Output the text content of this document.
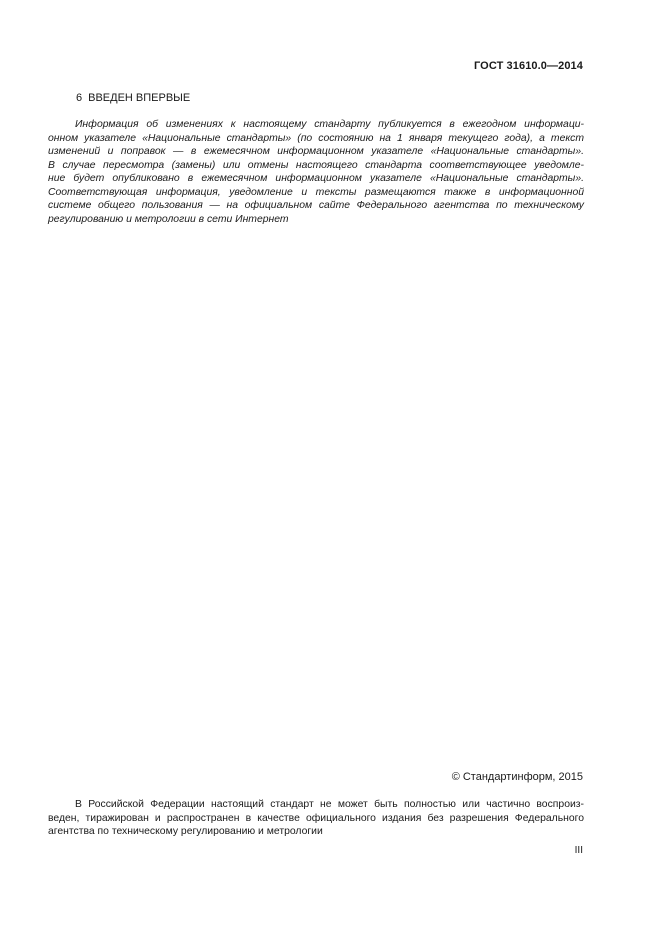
ГОСТ 31610.0—2014
6 ВВЕДЕН ВПЕРВЫЕ
Информация об изменениях к настоящему стандарту публикуется в ежегодном информаци-
онном указателе «Национальные стандарты» (по состоянию на 1 января текущего года), а текст
изменений и поправок — в ежемесячном информационном указателе «Национальные стандарты».
В случае пересмотра (замены) или отмены настоящего стандарта соответствующее уведомле-
ние будет опубликовано в ежемесячном информационном указателе «Национальные стандарты».
Соответствующая информация, уведомление и тексты размещаются также в информационной
системе общего пользования — на официальном сайте Федерального агентства по техническому
регулированию и метрологии в сети Интернет
© Стандартинформ, 2015
В Российской Федерации настоящий стандарт не может быть полностью или частично воспроиз-
веден, тиражирован и распространен в качестве официального издания без разрешения Федерального
агентства по техническому регулированию и метрологии
III
